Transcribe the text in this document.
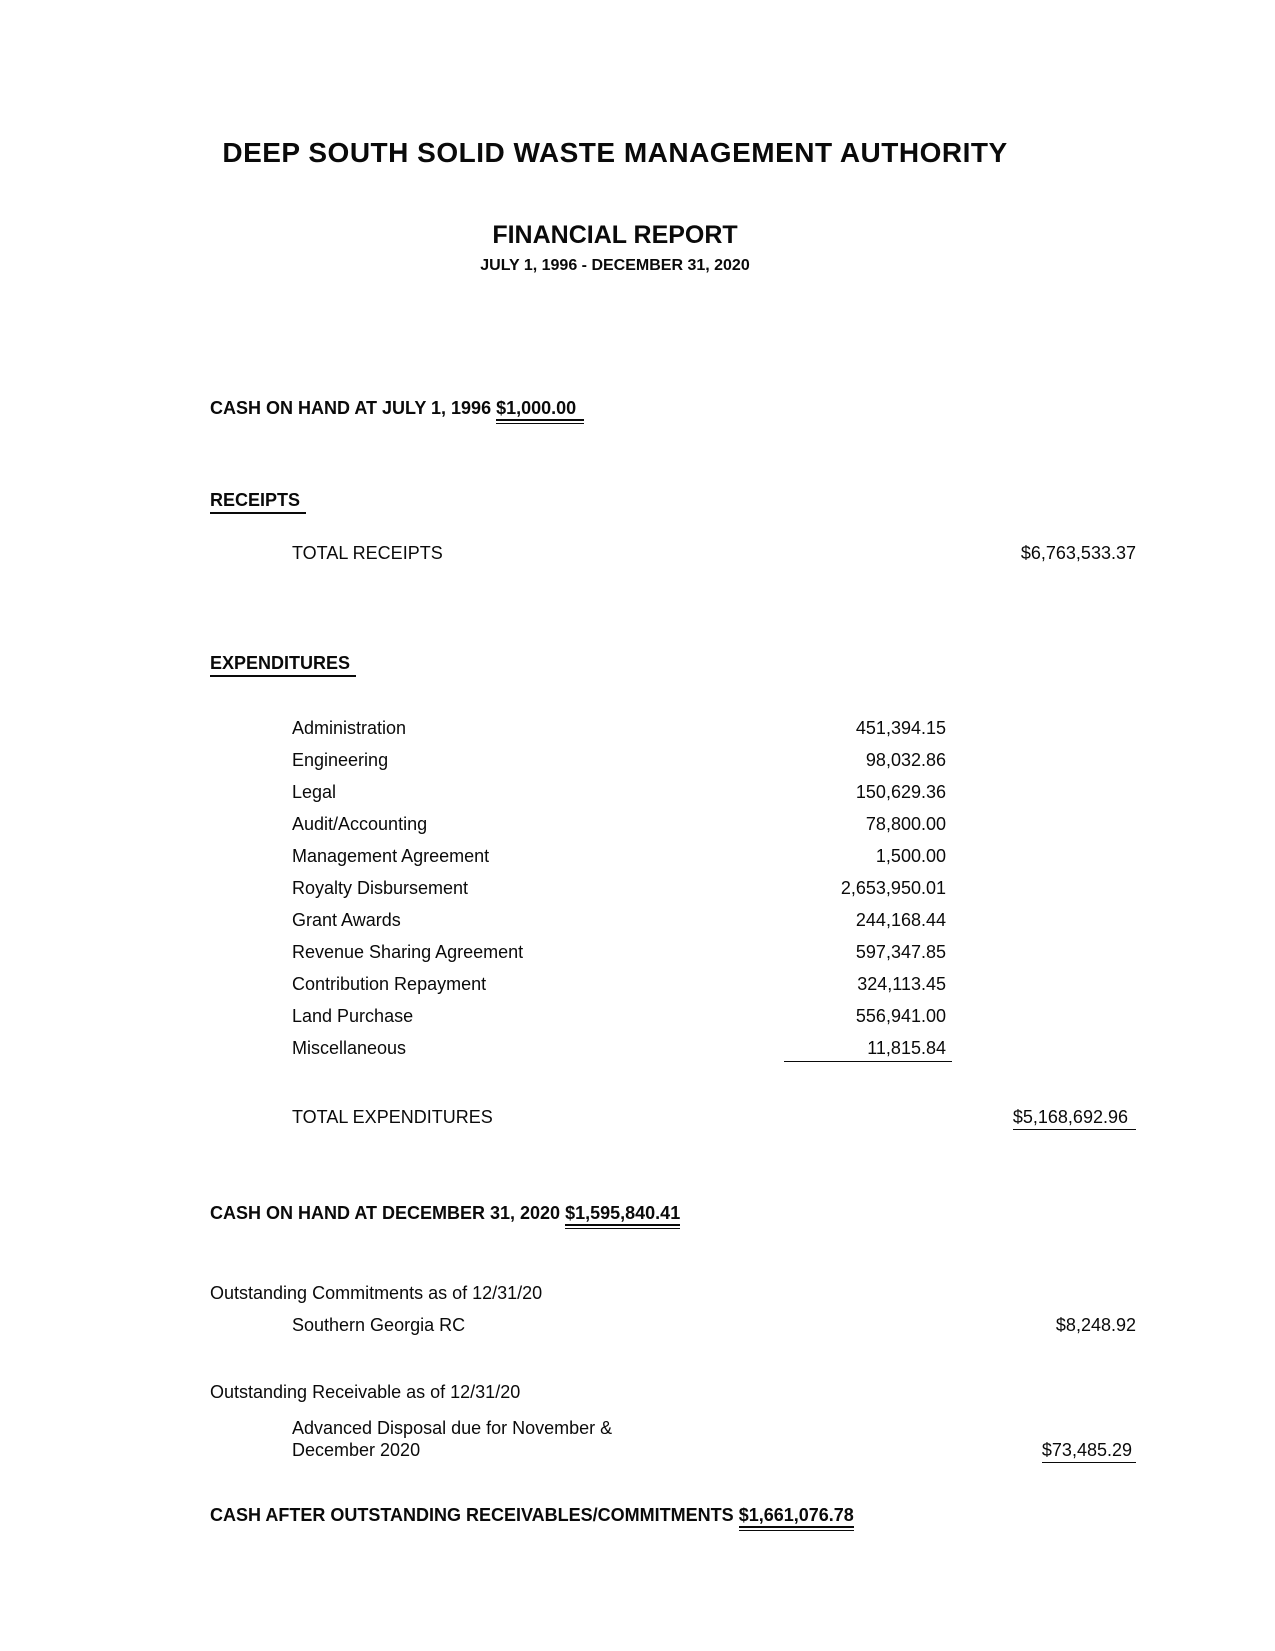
DEEP SOUTH SOLID WASTE MANAGEMENT AUTHORITY
FINANCIAL REPORT
JULY 1, 1996 - DECEMBER 31, 2020
CASH ON HAND AT JULY 1, 1996 $1,000.00
RECEIPTS
TOTAL RECEIPTS	$6,763,533.37
EXPENDITURES
Administration	451,394.15
Engineering	98,032.86
Legal	150,629.36
Audit/Accounting	78,800.00
Management Agreement	1,500.00
Royalty Disbursement	2,653,950.01
Grant Awards	244,168.44
Revenue Sharing Agreement	597,347.85
Contribution Repayment	324,113.45
Land Purchase	556,941.00
Miscellaneous	11,815.84
TOTAL EXPENDITURES	$5,168,692.96
CASH ON HAND AT DECEMBER 31, 2020 $1,595,840.41
Outstanding Commitments as of 12/31/20
Southern Georgia RC	$8,248.92
Outstanding Receivable as of 12/31/20
Advanced Disposal due for November &
December 2020	$73,485.29
CASH AFTER OUTSTANDING RECEIVABLES/COMMITMENTS $1,661,076.78
